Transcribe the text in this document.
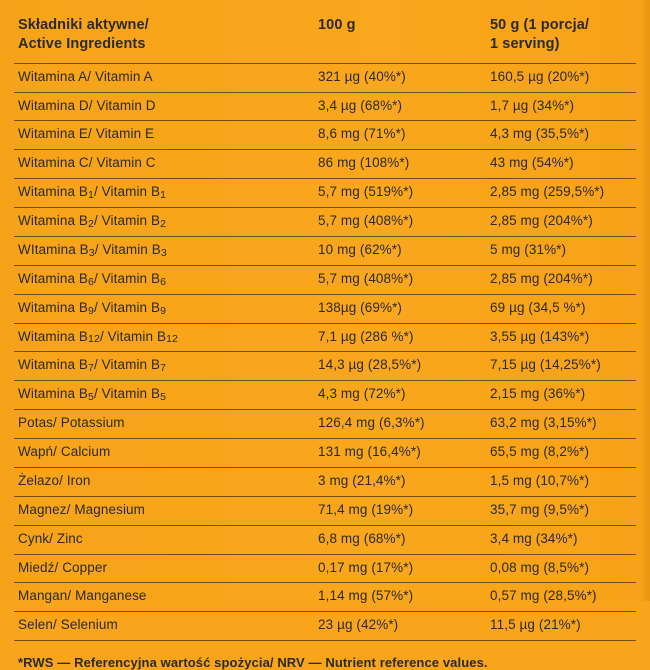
Składniki aktywne/
Active Ingredients

100 g	50 g (1 porcja/
1 serving)

Witamina A/ Vitamin A	321 µg (40%*)	160,5 µg (20%*)
Witamina D/ Vitamin D	3,4 µg (68%*)	1,7 µg (34%*)
Witamina E/ Vitamin E	8,6 mg (71%*)	4,3 mg (35,5%*)
Witamina C/ Vitamin C	86 mg (108%*)	43 mg (54%*)
Witamina $B_1/$ Vitamin $B_1$	5,7 mg (519%*)	2,85 mg (259,5%*)
Witamina $B_2/$ Vitamin $B_2$	5,7 mg (408%*)	2,85 mg (204%*)
WItamina $B_3/$ Vitamin $B_3$	10 mg (62%*)	5 mg (31%*)
Witamina $B_6/$ Vitamin $B_6$	5,7 mg (408%*)	2,85 mg (204%*)
Witamina $B_9/$ Vitamin $B_9$	138µg (69%*)	69 µg (34,5 %*)
Witamina $B_{12}/$ Vitamin $B_{12}$	7,1 µg (286 %*)	3,55 µg (143%*)
Witamina $B_7/$ Vitamin $B_7$	14,3 µg (28,5%*)	7,15 µg (14,25%*)
Witamina $B_5/$ Vitamin $B_5$	4,3 mg (72%*)	2,15 mg (36%*)
Potas/ Potassium	126,4 mg (6,3%*)	63,2 mg (3,15%*)
Wapń/ Calcium	131 mg (16,4%*)	65,5 mg (8,2%*)
Żelazo/ Iron	3 mg (21,4%*)	1,5 mg (10,7%*)
Magnez/ Magnesium	71,4 mg (19%*)	35,7 mg (9,5%*)
Cynk/ Zinc	6,8 mg (68%*)	3,4 mg (34%*)
Miedź/ Copper	0,17 mg (17%*)	0,08 mg (8,5%*)
Mangan/ Manganese	1,14 mg (57%*)	0,57 mg (28,5%*)
Selen/ Selenium	23 µg (42%*)	11,5 µg (21%*)
*RWS — Referencyjna wartość spożycia/ NRV — Nutrient reference values.
